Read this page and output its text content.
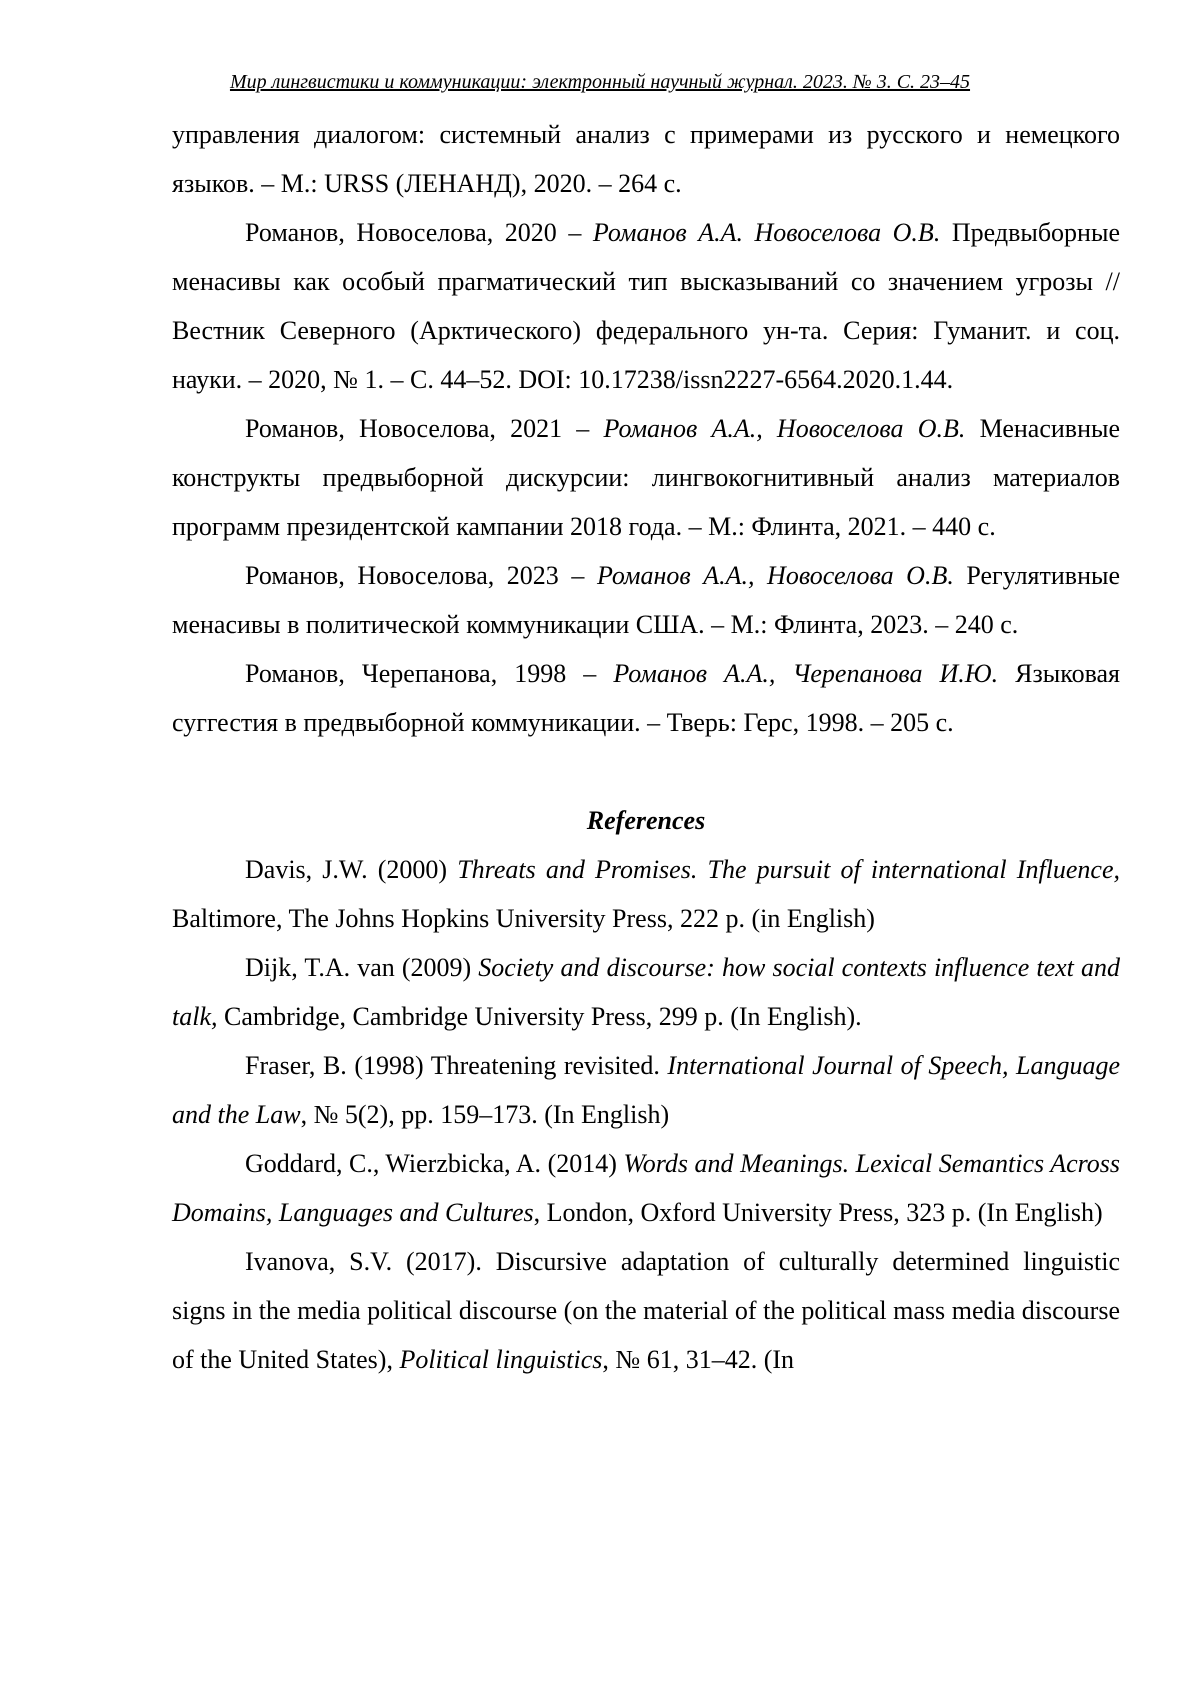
Мир лингвистики и коммуникации: электронный научный журнал. 2023. № 3. С. 23–45

управления диалогом: системный анализ с примерами из русского и немецкого языков. – М.: URSS (ЛЕНАНД), 2020. – 264 с.

Романов, Новоселова, 2020 – Романов А.А. Новоселова О.В. Предвыборные менасивы как особый прагматический тип высказываний со значением угрозы // Вестник Северного (Арктического) федерального ун-та. Серия: Гуманит. и соц. науки. – 2020, № 1. – С. 44–52. DOI: 10.17238/issn2227-6564.2020.1.44.

Романов, Новоселова, 2021 – Романов А.А., Новоселова О.В. Менасивные конструкты предвыборной дискурсии: лингвокогнитивный анализ материалов программ президентской кампании 2018 года. – М.: Флинта, 2021. – 440 с.

Романов, Новоселова, 2023 – Романов А.А., Новоселова О.В. Регулятивные менасивы в политической коммуникации США. – М.: Флинта, 2023. – 240 с.

Романов, Черепанова, 1998 – Романов А.А., Черепанова И.Ю. Языковая суггестия в предвыборной коммуникации. – Тверь: Герс, 1998. – 205 с.

References

Davis, J.W. (2000) Threats and Promises. The pursuit of international Influence, Baltimore, The Johns Hopkins University Press, 222 p. (in English)

Dijk, T.A. van (2009) Society and discourse: how social contexts influence text and talk, Cambridge, Cambridge University Press, 299 p. (In English).

Fraser, B. (1998) Threatening revisited. International Journal of Speech, Language and the Law, № 5(2), pp. 159–173. (In English)

Goddard, C., Wierzbicka, A. (2014) Words and Meanings. Lexical Semantics Across Domains, Languages and Cultures, London, Oxford University Press, 323 p. (In English)

Ivanova, S.V. (2017). Discursive adaptation of culturally determined linguistic signs in the media political discourse (on the material of the political mass media discourse of the United States), Political linguistics, № 61, 31–42. (In
